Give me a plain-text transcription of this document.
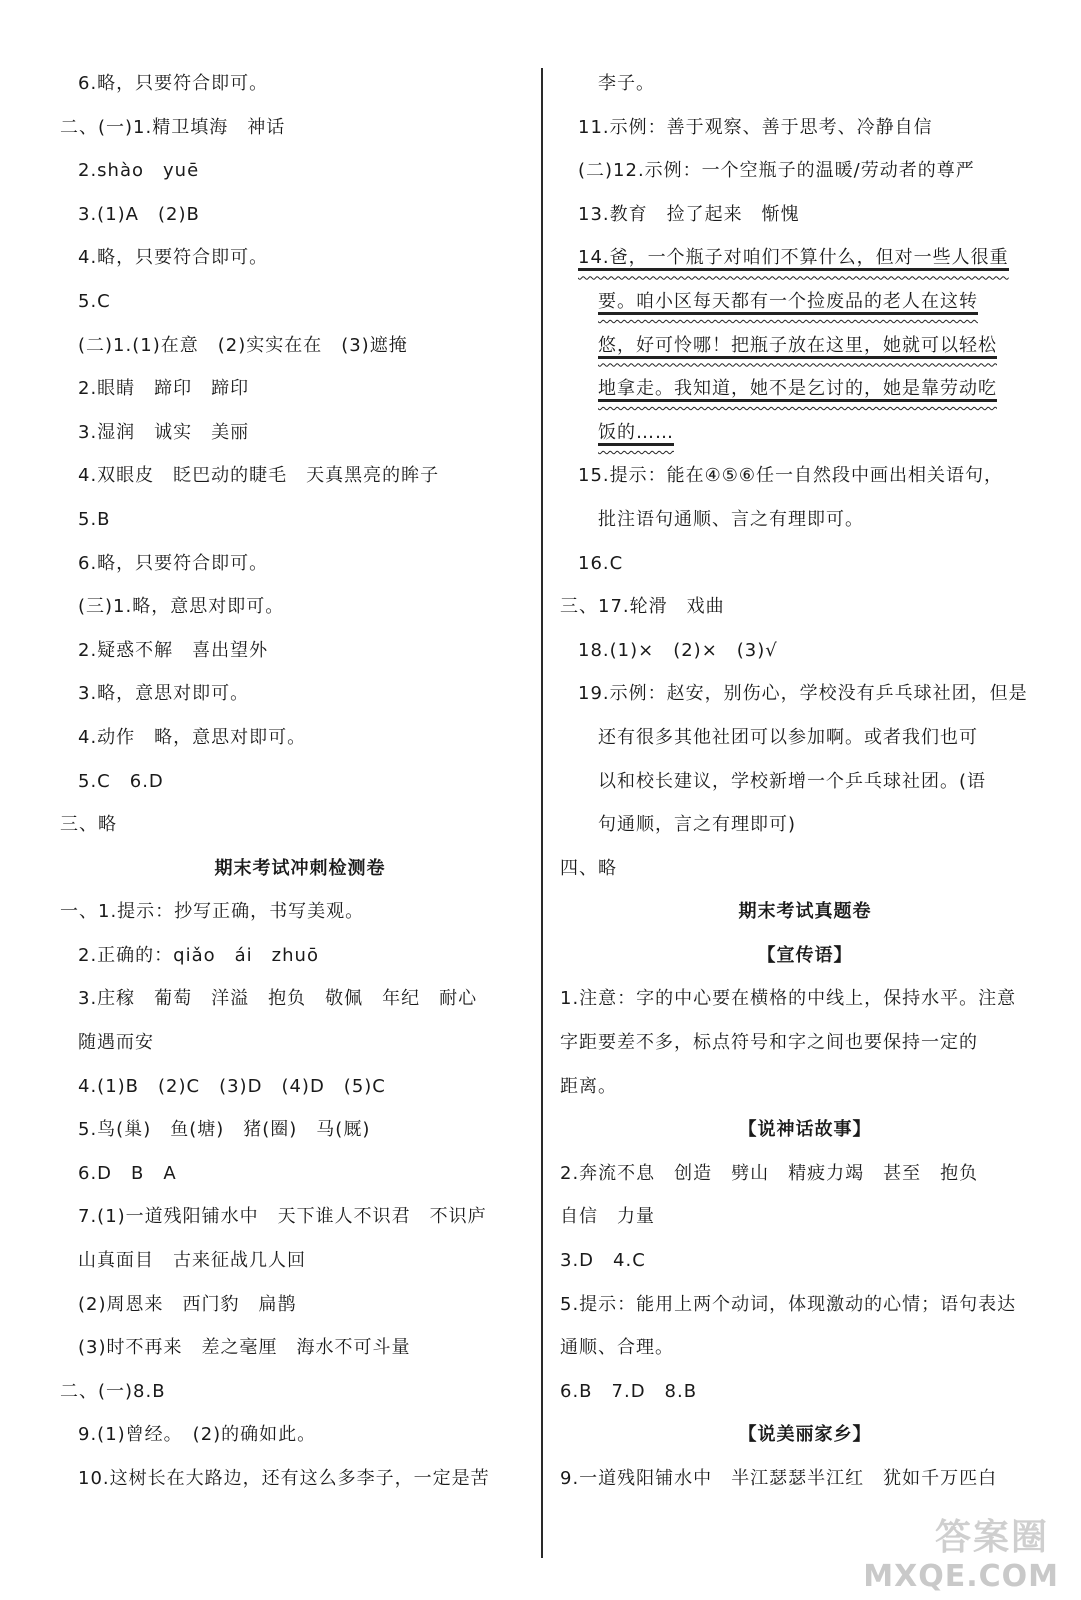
6.略，只要符合即可。
二、(一)1.精卫填海　神话
2.shào　yuē
3.(1)A　(2)B
4.略，只要符合即可。
5.C
(二)1.(1)在意　(2)实实在在　(3)遮掩
2.眼睛　蹄印　蹄印
3.湿润　诚实　美丽
4.双眼皮　眨巴动的睫毛　天真黑亮的眸子
5.B
6.略，只要符合即可。
(三)1.略，意思对即可。
2.疑惑不解　喜出望外
3.略，意思对即可。
4.动作　略，意思对即可。
5.C　6.D
三、略
期末考试冲刺检测卷
一、1.提示：抄写正确，书写美观。
2.正确的：qiǎo　ái　zhuō
3.庄稼　葡萄　洋溢　抱负　敬佩　年纪　耐心
随遇而安
4.(1)B　(2)C　(3)D　(4)D　(5)C
5.鸟(巢)　鱼(塘)　猪(圈)　马(厩)
6.D　B　A
7.(1)一道残阳铺水中　天下谁人不识君　不识庐
山真面目　古来征战几人回
(2)周恩来　西门豹　扁鹊
(3)时不再来　差之毫厘　海水不可斗量
二、(一)8.B
9.(1)曾经。　(2)的确如此。
10.这树长在大路边，还有这么多李子，一定是苦
李子。
11.示例：善于观察、善于思考、冷静自信
(二)12.示例：一个空瓶子的温暖/劳动者的尊严
13.教育　捡了起来　惭愧
14.爸，一个瓶子对咱们不算什么，但对一些人很重
要。咱小区每天都有一个捡废品的老人在这转
悠，好可怜哪！把瓶子放在这里，她就可以轻松
地拿走。我知道，她不是乞讨的，她是靠劳动吃
饭的……
15.提示：能在④⑤⑥任一自然段中画出相关语句，
批注语句通顺、言之有理即可。
16.C
三、17.轮滑　戏曲
18.(1)×　(2)×　(3)√
19.示例：赵安，别伤心，学校没有乒乓球社团，但是
还有很多其他社团可以参加啊。或者我们也可
以和校长建议，学校新增一个乒乓球社团。(语
句通顺，言之有理即可)
四、略
期末考试真题卷
【宣传语】
1.注意：字的中心要在横格的中线上，保持水平。注意
字距要差不多，标点符号和字之间也要保持一定的
距离。
【说神话故事】
2.奔流不息　创造　劈山　精疲力竭　甚至　抱负
自信　力量
3.D　4.C
5.提示：能用上两个动词，体现激动的心情；语句表达
通顺、合理。
6.B　7.D　8.B
【说美丽家乡】
9.一道残阳铺水中　半江瑟瑟半江红　犹如千万匹白
答案圈
MXQE.COM
